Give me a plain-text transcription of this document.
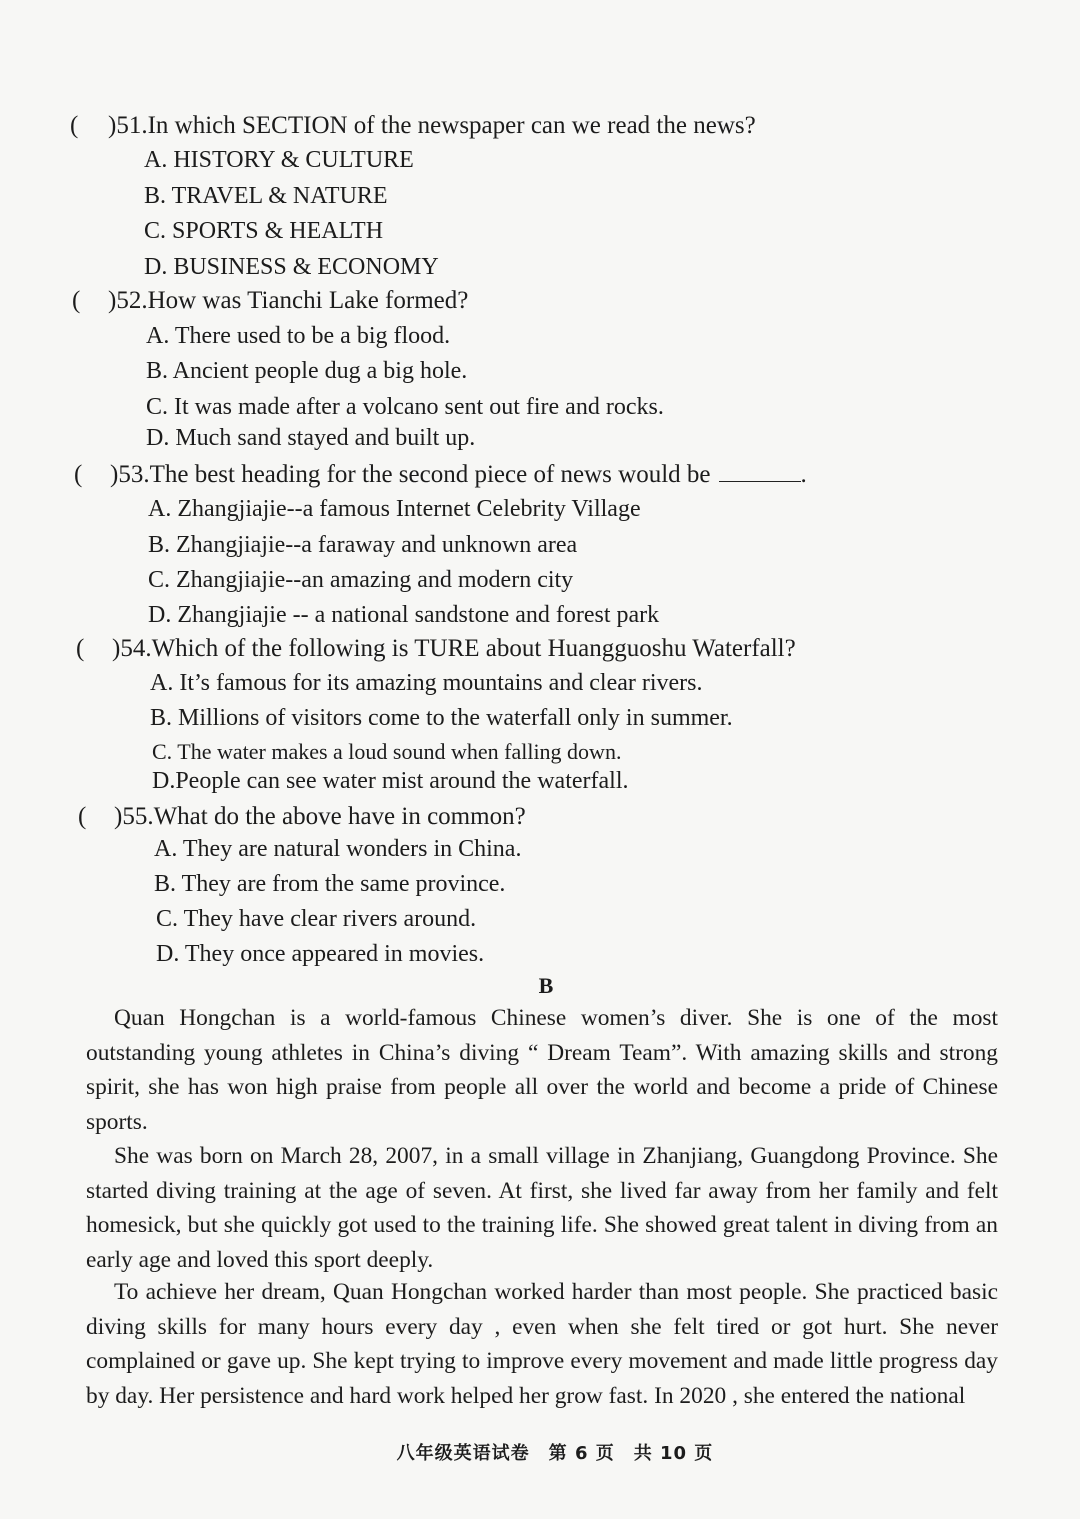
( )51.In which SECTION of the newspaper can we read the news?
A. HISTORY & CULTURE
B. TRAVEL & NATURE
C. SPORTS & HEALTH
D. BUSINESS & ECONOMY
( )52.How was Tianchi Lake formed?
A. There used to be a big flood.
B. Ancient people dug a big hole.
C. It was made after a volcano sent out fire and rocks.
D. Much sand stayed and built up.
( )53.The best heading for the second piece of news would be	.
A. Zhangjiajie--a famous Internet Celebrity Village
B. Zhangjiajie--a faraway and unknown area
C. Zhangjiajie--an amazing and modern city
D. Zhangjiajie -- a national sandstone and forest park
( )54.Which of the following is TURE about Huangguoshu Waterfall?
A. It’s famous for its amazing mountains and clear rivers.
B. Millions of visitors come to the waterfall only in summer.
C. The water makes a loud sound when falling down.
D.People can see water mist around the waterfall.
( )55.What do the above have in common?
A. They are natural wonders in China.
B. They are from the same province.
C. They have clear rivers around.
D. They once appeared in movies.
B
Quan Hongchan is a world-famous Chinese women’s diver. She is one of the most outstanding young athletes in China’s diving “ Dream Team”. With amazing skills and strong spirit, she has won high praise from people all over the world and become a pride of Chinese sports.
She was born on March 28, 2007, in a small village in Zhanjiang, Guangdong Province. She started diving training at the age of seven. At first, she lived far away from her family and felt homesick, but she quickly got used to the training life. She showed great talent in diving from an early age and loved this sport deeply.
To achieve her dream, Quan Hongchan worked harder than most people. She practiced basic diving skills for many hours every day , even when she felt tired or got hurt. She never complained or gave up. She kept trying to improve every movement and made little progress day by day. Her persistence and hard work helped her grow fast. In 2020 , she entered the national
八年级英语试卷　第 6 页　共 10 页
